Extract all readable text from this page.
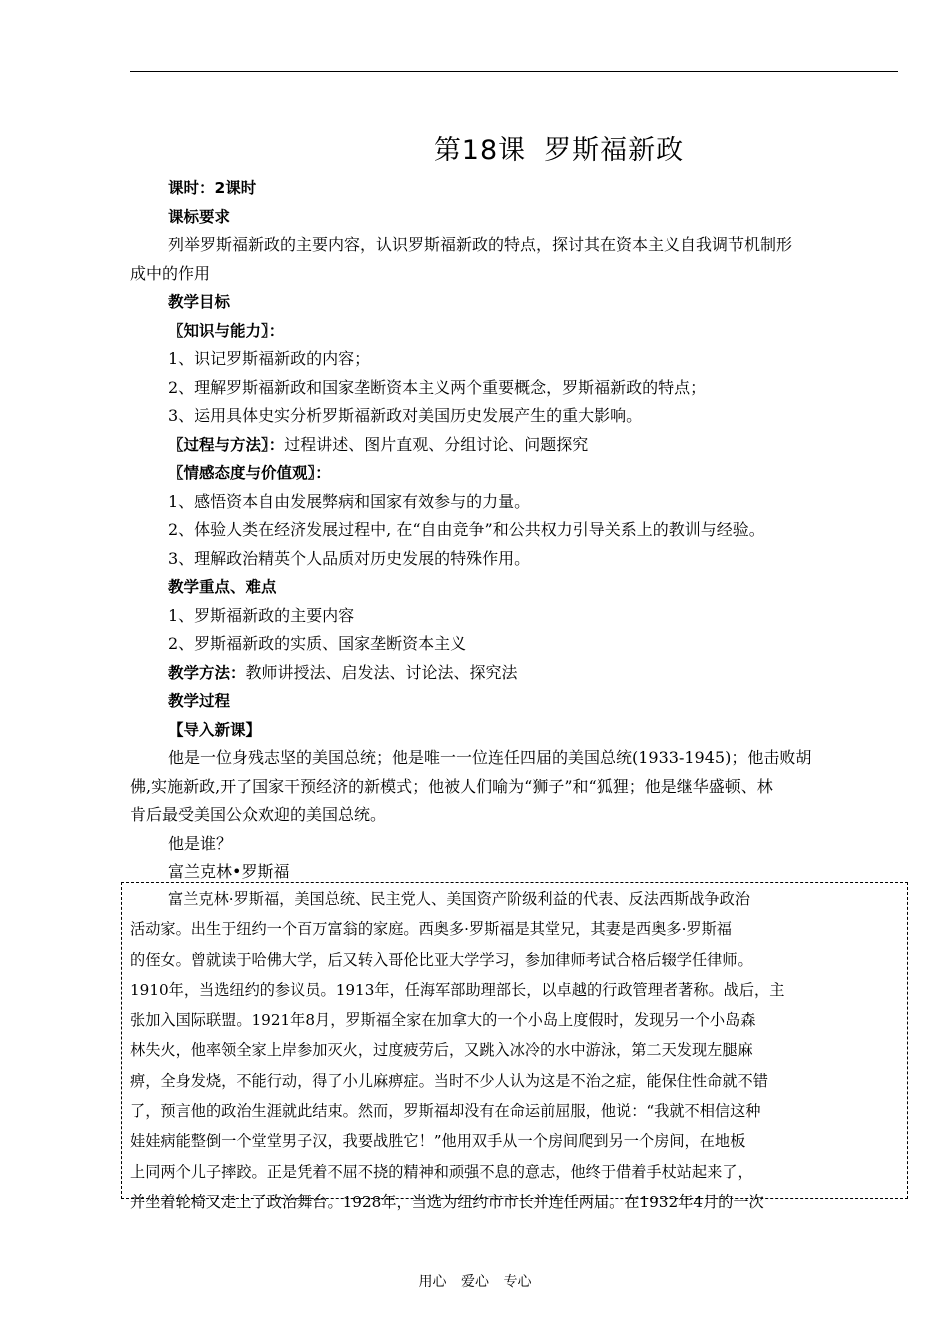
第18课 罗斯福新政
课时：2课时
课标要求
列举罗斯福新政的主要内容，认识罗斯福新政的特点，探讨其在资本主义自我调节机制形
成中的作用
教学目标
〖知识与能力〗：
1、识记罗斯福新政的内容；
2、理解罗斯福新政和国家垄断资本主义两个重要概念，罗斯福新政的特点；
3、运用具体史实分析罗斯福新政对美国历史发展产生的重大影响。
〖过程与方法〗：过程讲述、图片直观、分组讨论、问题探究
〖情感态度与价值观〗：
1、感悟资本自由发展弊病和国家有效参与的力量。
2、体验人类在经济发展过程中, 在“自由竞争”和公共权力引导关系上的教训与经验。
3、理解政治精英个人品质对历史发展的特殊作用。
教学重点、难点
1、罗斯福新政的主要内容
2、罗斯福新政的实质、国家垄断资本主义
教学方法：教师讲授法、启发法、讨论法、探究法
教学过程
【导入新课】
他是一位身残志坚的美国总统；他是唯一一位连任四届的美国总统(1933-1945)；他击败胡
佛,实施新政,开了国家干预经济的新模式；他被人们喻为“狮子”和“狐狸；他是继华盛顿、林
肯后最受美国公众欢迎的美国总统。
他是谁？
富兰克林•罗斯福
富兰克林·罗斯福，美国总统、民主党人、美国资产阶级利益的代表、反法西斯战争政治
活动家。出生于纽约一个百万富翁的家庭。西奥多·罗斯福是其堂兄，其妻是西奥多·罗斯福
的侄女。曾就读于哈佛大学，后又转入哥伦比亚大学学习，参加律师考试合格后辍学任律师。
1910年，当选纽约的参议员。1913年，任海军部助理部长，以卓越的行政管理者著称。战后，主
张加入国际联盟。1921年8月，罗斯福全家在加拿大的一个小岛上度假时，发现另一个小岛森
林失火，他率领全家上岸参加灭火，过度疲劳后，又跳入冰冷的水中游泳，第二天发现左腿麻
痹，全身发烧，不能行动，得了小儿麻痹症。当时不少人认为这是不治之症，能保住性命就不错
了，预言他的政治生涯就此结束。然而，罗斯福却没有在命运前屈服，他说：“我就不相信这种
娃娃病能整倒一个堂堂男子汉，我要战胜它！”他用双手从一个房间爬到另一个房间，在地板
上同两个儿子摔跤。正是凭着不屈不挠的精神和顽强不息的意志，他终于借着手杖站起来了，
并坐着轮椅又走上了政治舞台。1928年，当选为纽约市市长并连任两届。在1932年4月的一次
用心 爱心 专心
